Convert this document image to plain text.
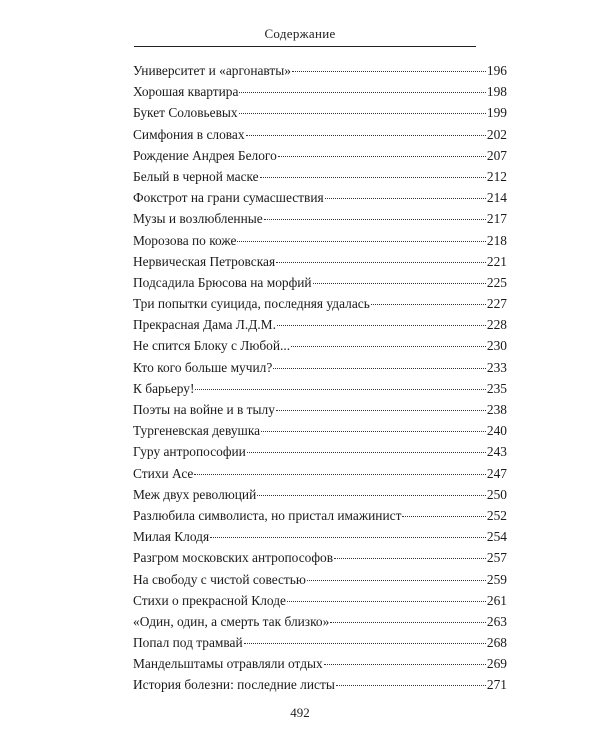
Содержание
Университет и «аргонавты»	196
Хорошая квартира	198
Букет Соловьевых	199
Симфония в словах	202
Рождение Андрея Белого	207
Белый в черной маске	212
Фокстрот на грани сумасшествия	214
Музы и возлюбленные	217
Морозова по коже	218
Нервическая Петровская	221
Подсадила Брюсова на морфий	225
Три попытки суицида, последняя удалась	227
Прекрасная Дама Л.Д.М.	228
Не спится Блоку с Любой...	230
Кто кого больше мучил?	233
К барьеру!	235
Поэты на войне и в тылу	238
Тургеневская девушка	240
Гуру антропософии	243
Стихи Асе	247
Меж двух революций	250
Разлюбила символиста, но пристал имажинист	252
Милая Клодя	254
Разгром московских антропософов	257
На свободу с чистой совестью	259
Стихи о прекрасной Клоде	261
«Один, один, а смерть так близко»	263
Попал под трамвай	268
Мандельштамы отравляли отдых	269
История болезни: последние листы	271
492
